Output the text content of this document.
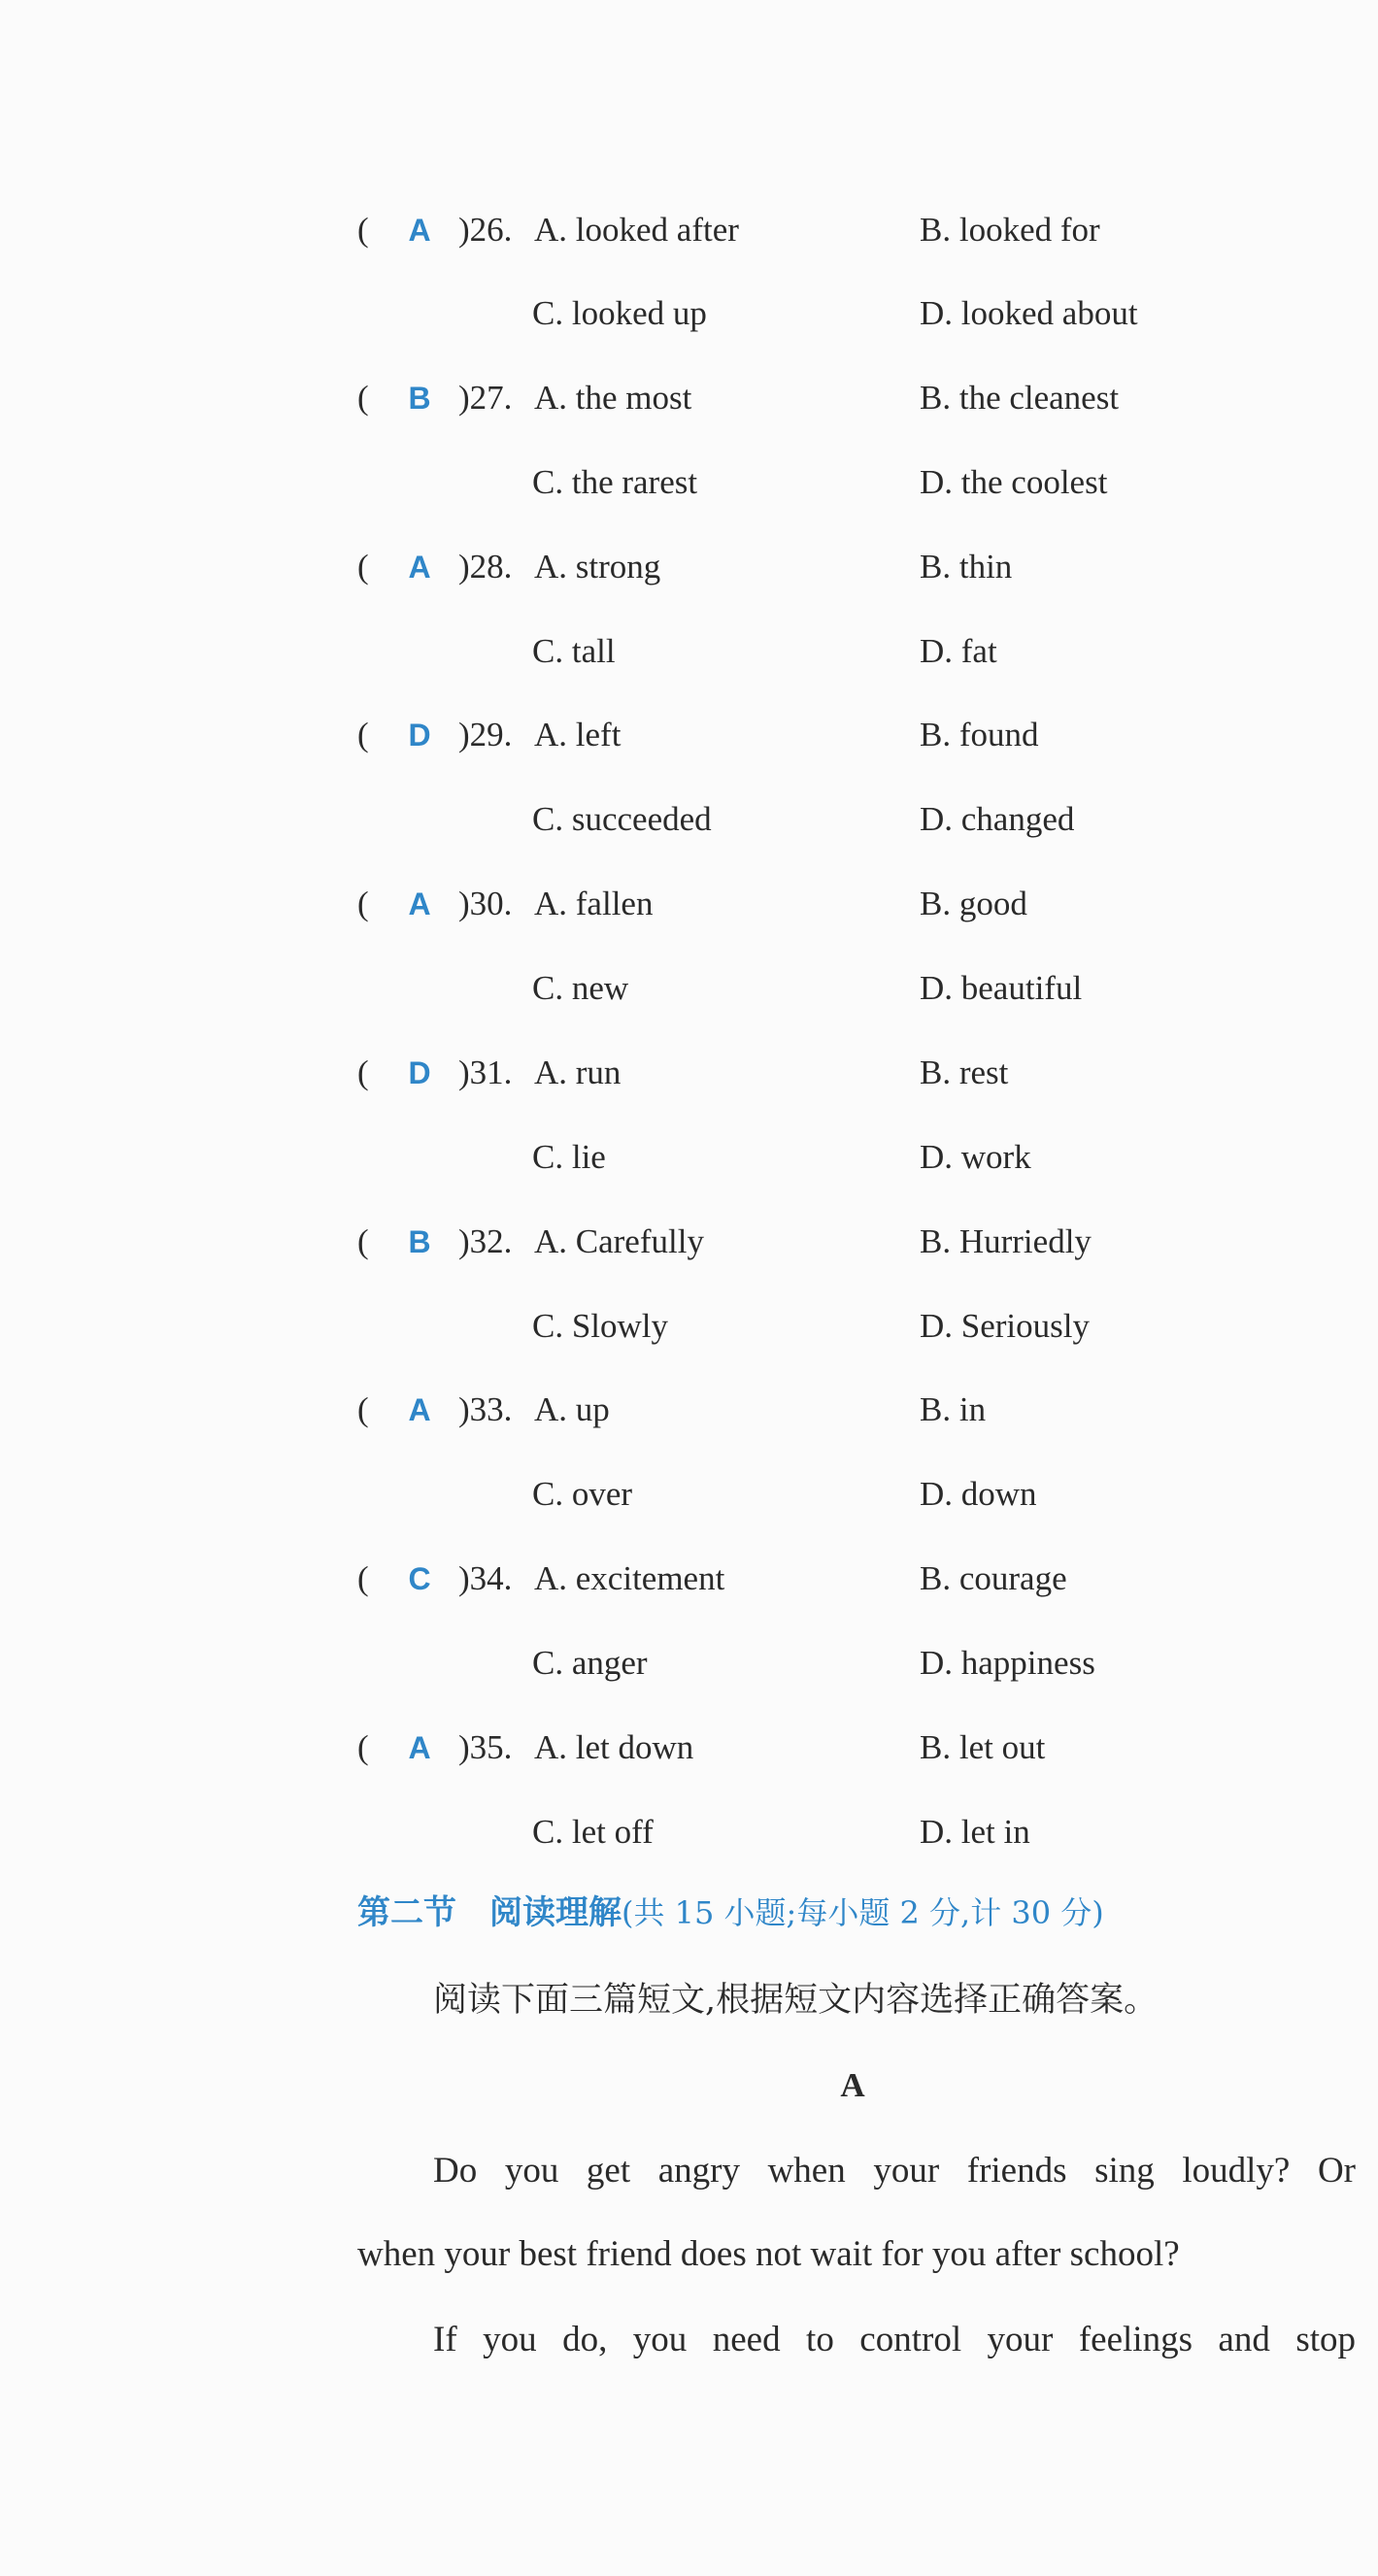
( A )26. A. looked after	B. looked for
C. looked up	D. looked about
( B )27. A. the most	B. the cleanest
C. the rarest	D. the coolest
( A )28. A. strong	B. thin
C. tall	D. fat
( D )29. A. left	B. found
C. succeeded	D. changed
( A )30. A. fallen	B. good
C. new	D. beautiful
( D )31. A. run	B. rest
C. lie	D. work
( B )32. A. Carefully	B. Hurriedly
C. Slowly	D. Seriously
( A )33. A. up	B. in
C. over	D. down
( C )34. A. excitement	B. courage
C. anger	D. happiness
( A )35. A. let down	B. let out
C. let off	D. let in
第二节　阅读理解(共 15 小题;每小题 2 分,计 30 分)
阅读下面三篇短文,根据短文内容选择正确答案。
A
Do you get angry when your friends sing loudly? Or
when your best friend does not wait for you after school?
If you do, you need to control your feelings and stop
